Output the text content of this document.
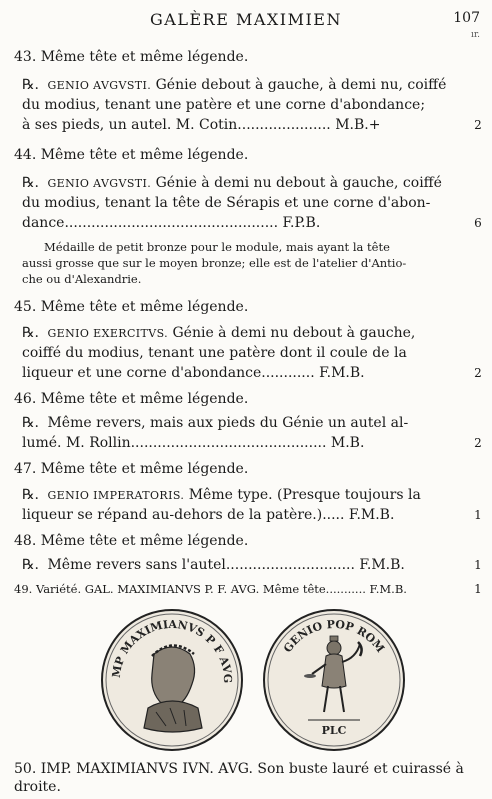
GALÈRE MAXIMIEN	107
ır.
43. Même tête et même légende.
℞. GENIO AVGVSTI. Génie debout à gauche, à demi nu, coiffé
du modius, tenant une patère et une corne d'abondance;
à ses pieds, un autel. M. Cotin..................... M.B.+	2
44. Même tête et même légende.
℞. GENIO AVGVSTI. Génie à demi nu debout à gauche, coiffé
du modius, tenant la tête de Sérapis et une corne d'abon-
dance................................................ F.P.B.	6
Médaille de petit bronze pour le module, mais ayant la tête
aussi grosse que sur le moyen bronze; elle est de l'atelier d'Antio-
che ou d'Alexandrie.
45. Même tête et même légende.
℞. GENIO EXERCITVS. Génie à demi nu debout à gauche,
coiffé du modius, tenant une patère dont il coule de la
liqueur et une corne d'abondance............ F.M.B.	2
46. Même tête et même légende.
℞. Même revers, mais aux pieds du Génie un autel al-
lumé. M. Rollin............................................ M.B.	2
47. Même tête et même légende.
℞. GENIO IMPERATORIS. Même type. (Presque toujours la
liqueur se répand au-dehors de la patère.)..... F.M.B.	1
48. Même tête et même légende.
℞. Même revers sans l'autel............................. F.M.B.	1
49. Variété. GAL. MAXIMIANVS P. F. AVG. Même tête........... F.M.B.	1
MP MAXIMIANVS P F AVG
GENIO POP ROM
PLC
50. IMP. MAXIMIANVS IVN. AVG. Son buste lauré et cuirassé à
droite.
